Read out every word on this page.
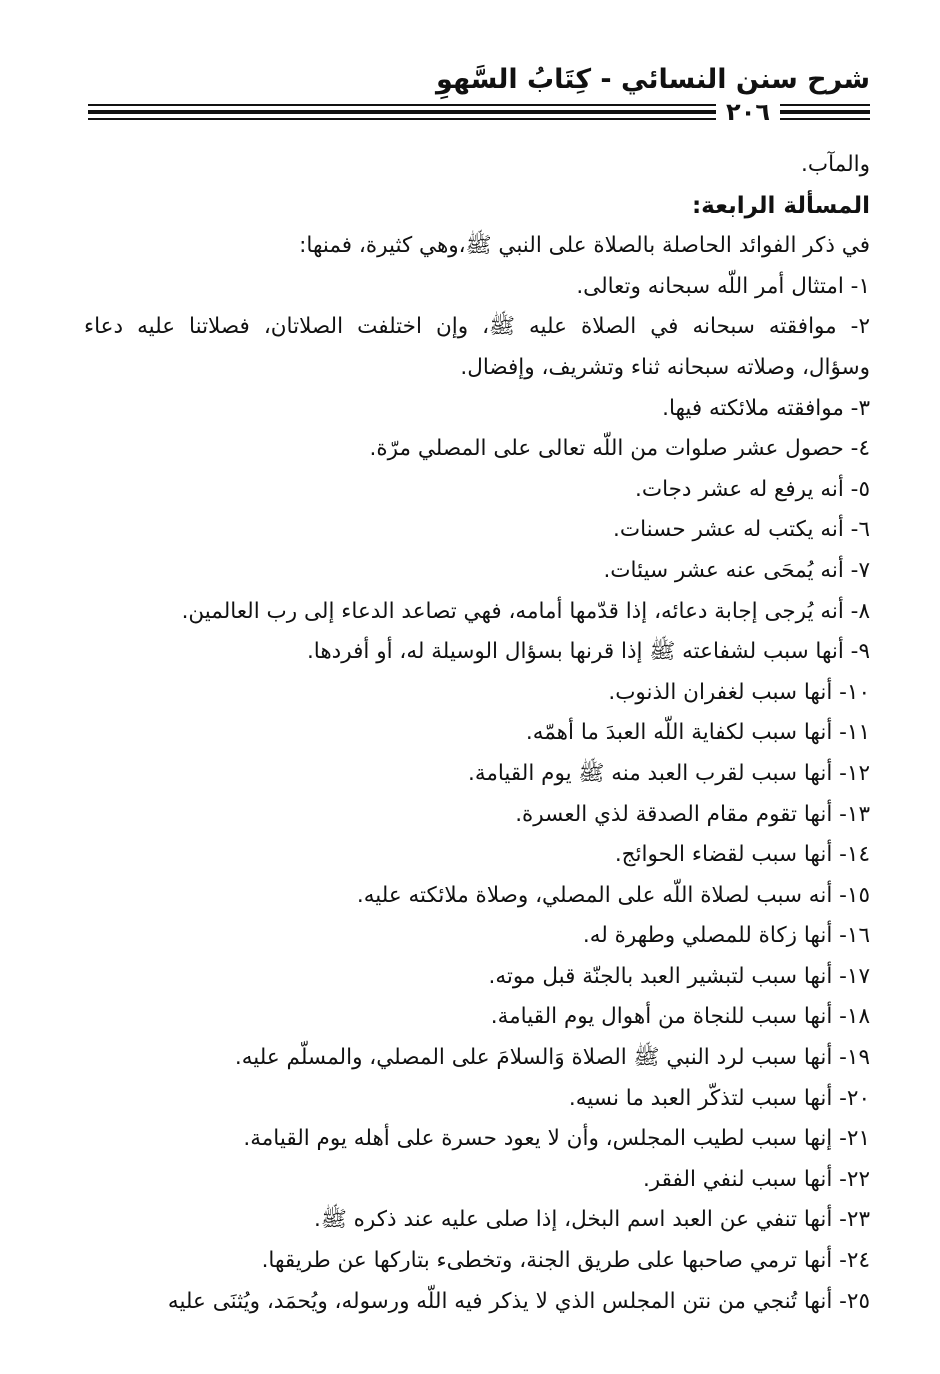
شرح سنن النسائي - كِتَابُ السَّهوِ
٢٠٦
والمآب.
المسألة الرابعة:
في ذكر الفوائد الحاصلة بالصلاة على النبي ﷺ،وهي كثيرة، فمنها:
١- امتثال أمر اللّه سبحانه وتعالى.
٢- موافقته سبحانه في الصلاة عليه ﷺ، وإن اختلفت الصلاتان، فصلاتنا عليه دعاء
وسؤال، وصلاته سبحانه ثناء وتشريف، وإفضال.
٣- موافقته ملائكته فيها.
٤- حصول عشر صلوات من اللّه تعالى على المصلي مرّة.
٥- أنه يرفع له عشر دجات.
٦- أنه يكتب له عشر حسنات.
٧- أنه يُمحَى عنه عشر سيئات.
٨- أنه يُرجى إجابة دعائه، إذا قدّمها أمامه، فهي تصاعد الدعاء إلى رب العالمين.
٩- أنها سبب لشفاعته ﷺ إذا قرنها بسؤال الوسيلة له، أو أفردها.
١٠- أنها سبب لغفران الذنوب.
١١- أنها سبب لكفاية اللّه العبدَ ما أهمّه.
١٢- أنها سبب لقرب العبد منه ﷺ يوم القيامة.
١٣- أنها تقوم مقام الصدقة لذي العسرة.
١٤- أنها سبب لقضاء الحوائج.
١٥- أنه سبب لصلاة اللّه على المصلي، وصلاة ملائكته عليه.
١٦- أنها زكاة للمصلي وطهرة له.
١٧- أنها سبب لتبشير العبد بالجنّة قبل موته.
١٨- أنها سبب للنجاة من أهوال يوم القيامة.
١٩- أنها سبب لرد النبي ﷺ الصلاة وَالسلامَ على المصلي، والمسلّم عليه.
٢٠- أنها سبب لتذكّر العبد ما نسيه.
٢١- إنها سبب لطيب المجلس، وأن لا يعود حسرة على أهله يوم القيامة.
٢٢- أنها سبب لنفي الفقر.
٢٣- أنها تنفي عن العبد اسم البخل، إذا صلى عليه عند ذكره ﷺ.
٢٤- أنها ترمي صاحبها على طريق الجنة، وتخطىء بتاركها عن طريقها.
٢٥- أنها تُنجي من نتن المجلس الذي لا يذكر فيه اللّه ورسوله، ويُحمَد، ويُثنَى عليه
